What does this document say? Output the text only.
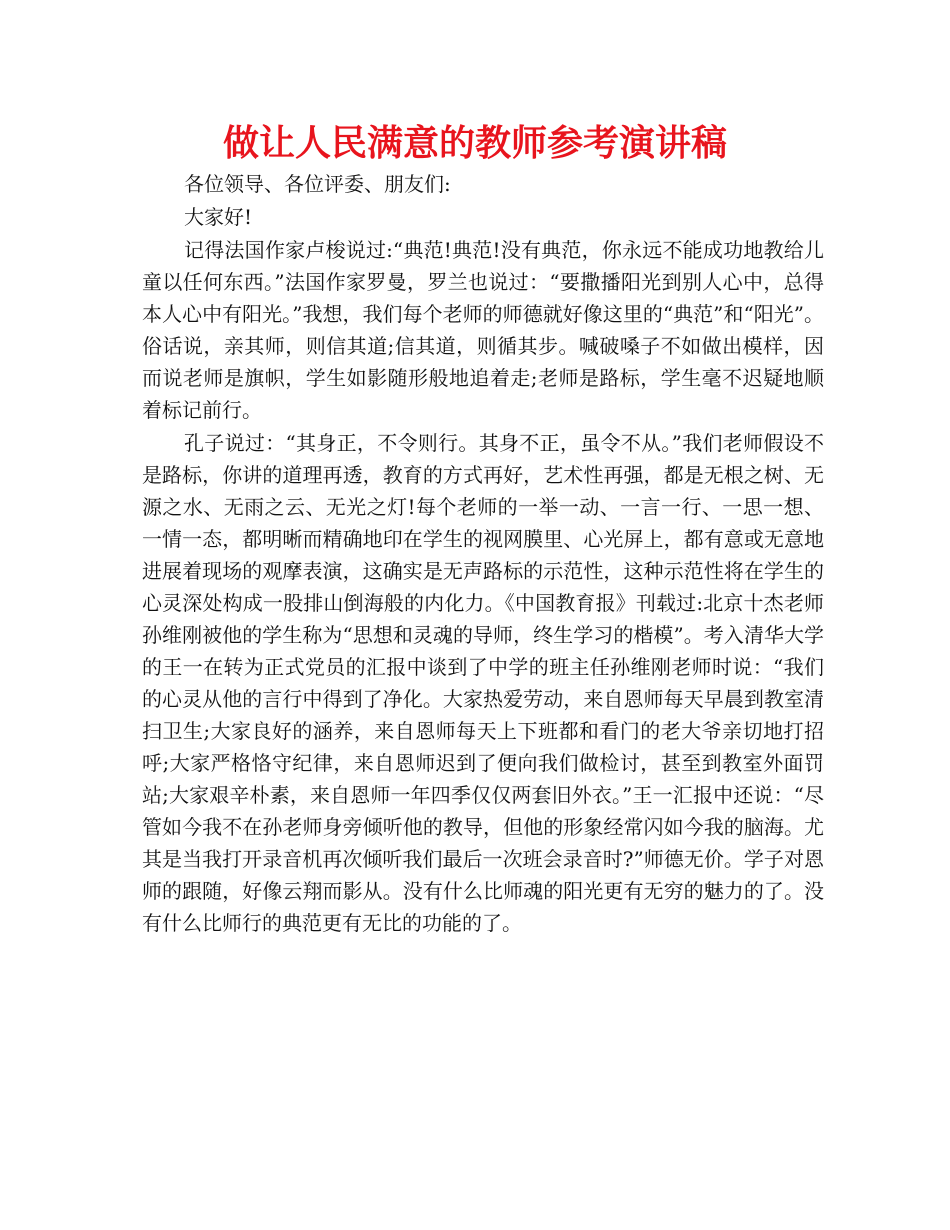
做让人民满意的教师参考演讲稿

各位领导、各位评委、朋友们:

大家好!

记得法国作家卢梭说过:“典范!典范!没有典范，你永远不能成功地教给儿童以任何东西。”法国作家罗曼，罗兰也说过：“要撒播阳光到别人心中，总得本人心中有阳光。”我想，我们每个老师的师德就好像这里的“典范”和“阳光”。俗话说，亲其师，则信其道;信其道，则循其步。喊破嗓子不如做出模样，因而说老师是旗帜，学生如影随形般地追着走;老师是路标，学生毫不迟疑地顺着标记前行。

孔子说过：“其身正，不令则行。其身不正，虽令不从。”我们老师假设不是路标，你讲的道理再透，教育的方式再好，艺术性再强，都是无根之树、无源之水、无雨之云、无光之灯!每个老师的一举一动、一言一行、一思一想、一情一态，都明晰而精确地印在学生的视网膜里、心光屏上，都有意或无意地进展着现场的观摩表演，这确实是无声路标的示范性，这种示范性将在学生的心灵深处构成一股排山倒海般的内化力。《中国教育报》刊载过:北京十杰老师孙维刚被他的学生称为“思想和灵魂的导师，终生学习的楷模”。考入清华大学的王一在转为正式党员的汇报中谈到了中学的班主任孙维刚老师时说：“我们的心灵从他的言行中得到了净化。大家热爱劳动，来自恩师每天早晨到教室清扫卫生;大家良好的涵养，来自恩师每天上下班都和看门的老大爷亲切地打招呼;大家严格恪守纪律，来自恩师迟到了便向我们做检讨，甚至到教室外面罚站;大家艰辛朴素，来自恩师一年四季仅仅两套旧外衣。”王一汇报中还说：“尽管如今我不在孙老师身旁倾听他的教导，但他的形象经常闪如今我的脑海。尤其是当我打开录音机再次倾听我们最后一次班会录音时?”师德无价。学子对恩师的跟随，好像云翔而影从。没有什么比师魂的阳光更有无穷的魅力的了。没有什么比师行的典范更有无比的功能的了。
